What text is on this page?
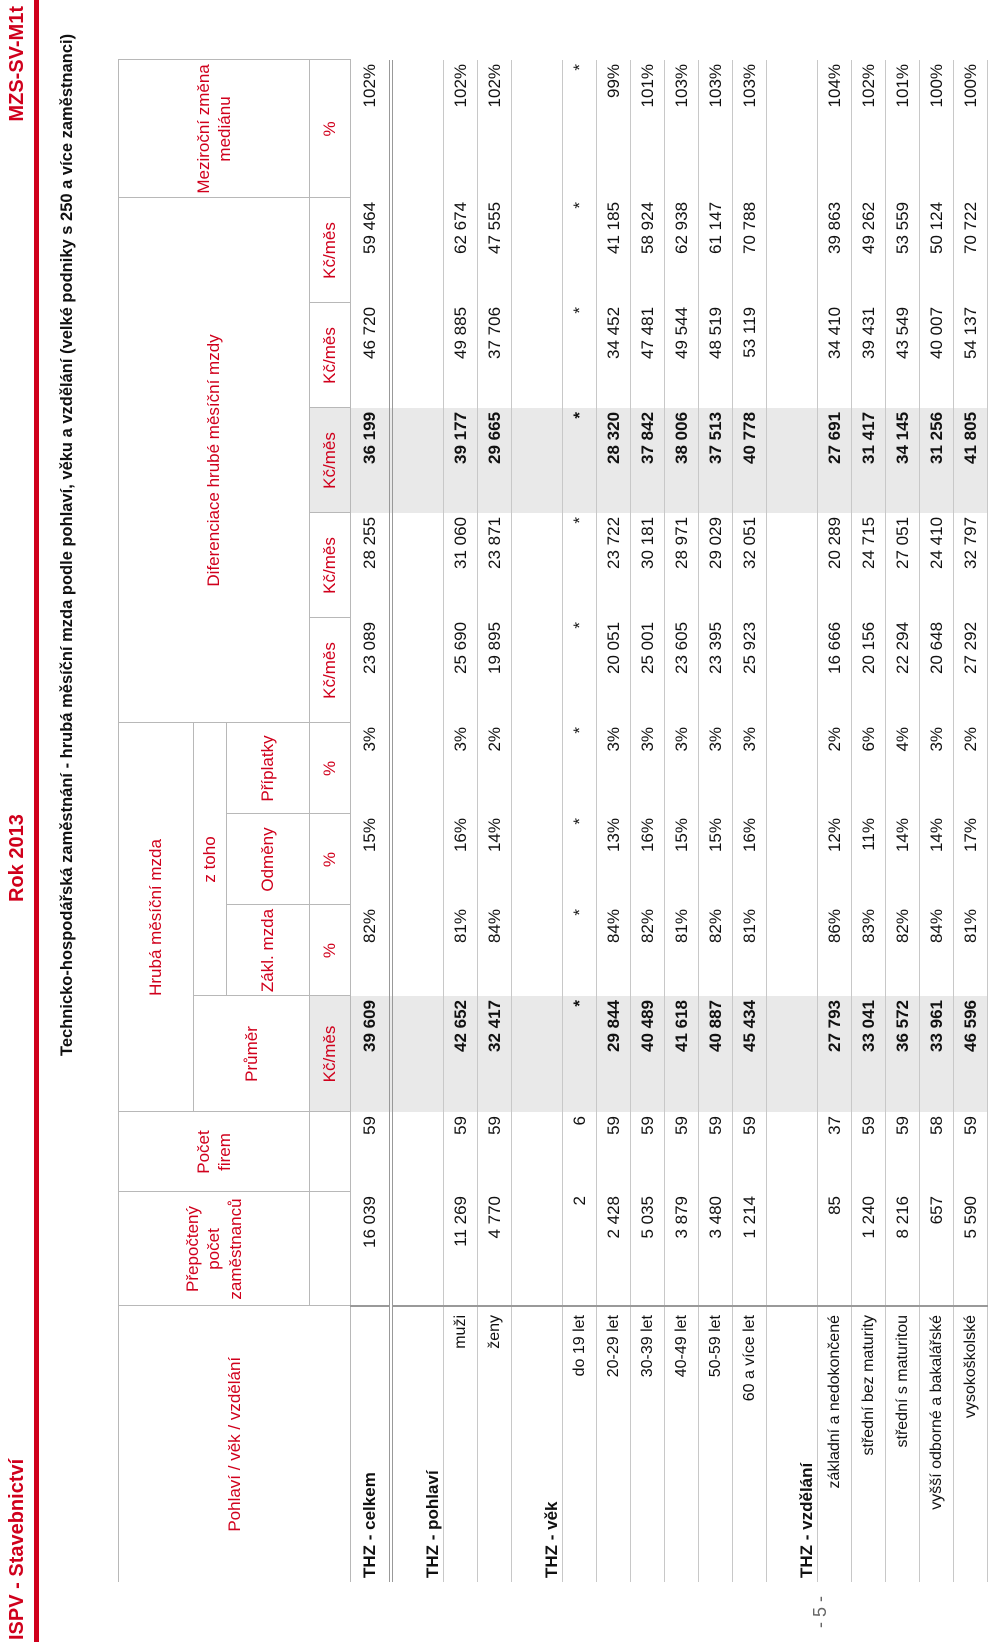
ISPV - Stavebnictví
Rok 2013
MZS-SV-M1t Technicko-hospodářská zaměstnání - hrubá měsíční mzda podle pohlaví, věku a vzdělání (velké podniky s 250 a více zaměstnanci)
Pohlaví / věk / vzdělání	Přepočtený počet zaměstnanců	Počet firem	Hrubá měsíční mzda				Diferenciace hrubé měsíční mzdy					Meziroční změna mediánu
			Průměr	z toho								
				Zákl. mzda	Odměny	Příplatky						
			Kč/měs	%	%	%	Kč/měs	Kč/měs	Kč/měs	Kč/měs	Kč/měs	%
THZ - celkem	16 039	59	39 609	82%	15%	3%	23 089	28 255	36 199	46 720	59 464	102%
THZ - pohlaví												
muži	11 269	59	42 652	81%	16%	3%	25 690	31 060	39 177	49 885	62 674	102%
ženy	4 770	59	32 417	84%	14%	2%	19 895	23 871	29 665	37 706	47 555	102%
THZ - věk												
do 19 let	2	6	*	*	*	*	*	*	*	*	*	*
20-29 let	2 428	59	29 844	84%	13%	3%	20 051	23 722	28 320	34 452	41 185	99%
30-39 let	5 035	59	40 489	82%	16%	3%	25 001	30 181	37 842	47 481	58 924	101%
40-49 let	3 879	59	41 618	81%	15%	3%	23 605	28 971	38 006	49 544	62 938	103%
50-59 let	3 480	59	40 887	82%	15%	3%	23 395	29 029	37 513	48 519	61 147	103%
60 a více let	1 214	59	45 434	81%	16%	3%	25 923	32 051	40 778	53 119	70 788	103%
THZ - vzdělání												
základní a nedokončené	85	37	27 793	86%	12%	2%	16 666	20 289	27 691	34 410	39 863	104%
střední bez maturity	1 240	59	33 041	83%	11%	6%	20 156	24 715	31 417	39 431	49 262	102%
střední s maturitou	8 216	59	36 572	82%	14%	4%	22 294	27 051	34 145	43 549	53 559	101%
vyšší odborné a bakalářské	657	58	33 961	84%	14%	3%	20 648	24 410	31 256	40 007	50 124	100%
vysokoškolské	5 590	59	46 596	81%	17%	2%	27 292	32 797	41 805	54 137	70 722	100%
- 5 -
